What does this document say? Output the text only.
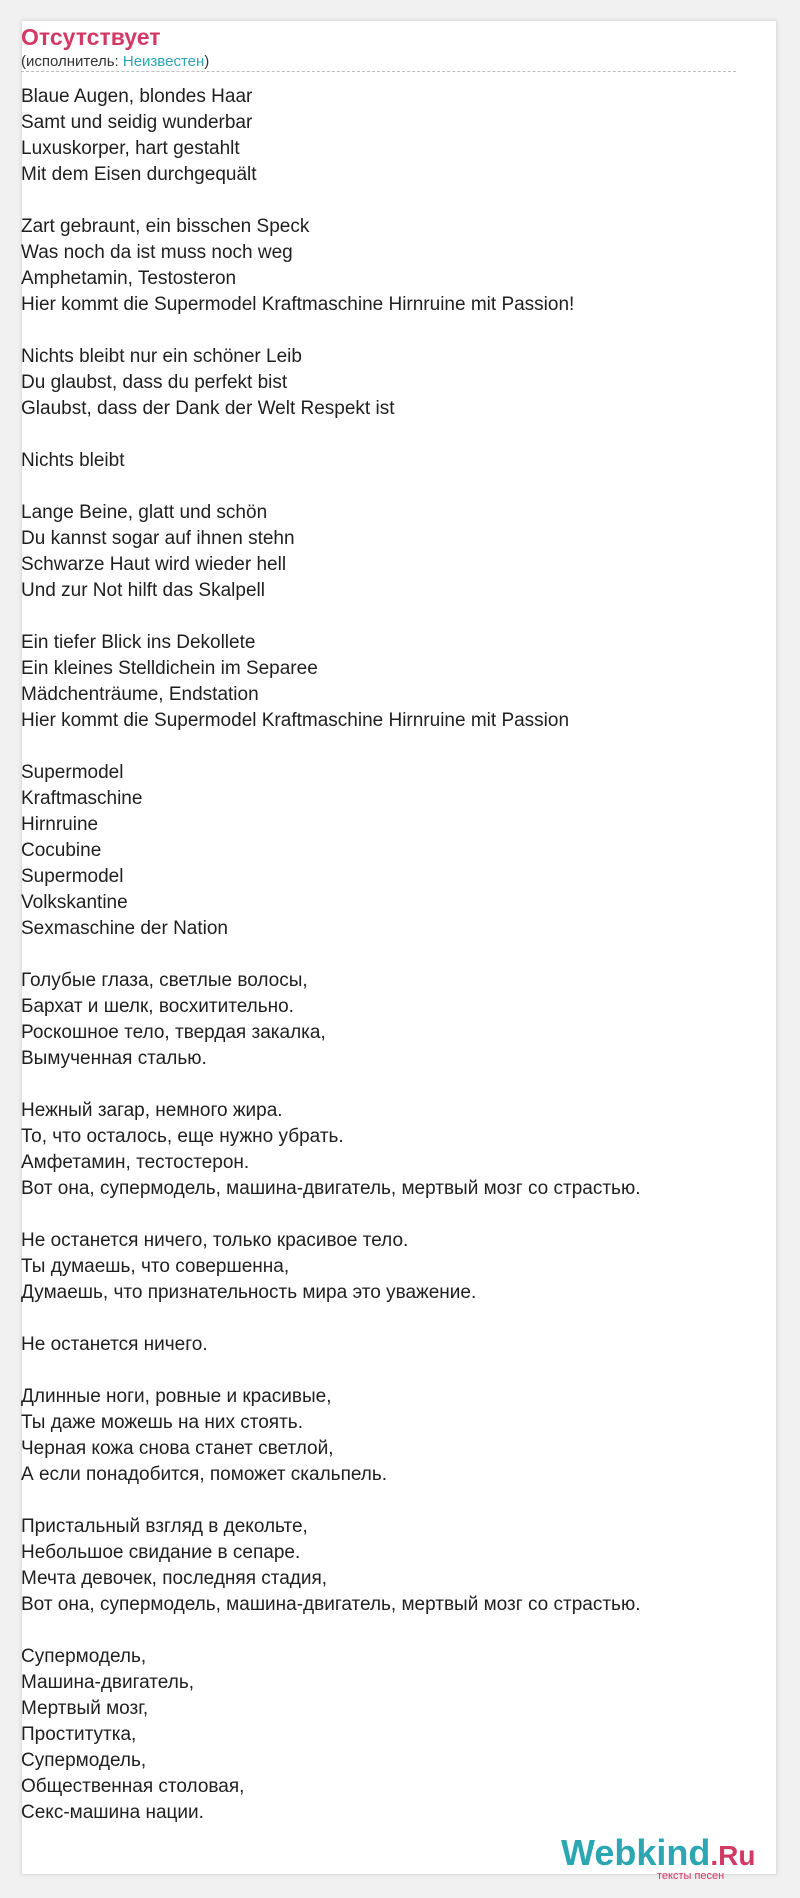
Отсутствует
(исполнитель: Неизвестен)
Blaue Augen, blondes Haar
Samt und seidig wunderbar
Luxuskorper, hart gestahlt
Mit dem Eisen durchgequält
Zart gebraunt, ein bisschen Speck
Was noch da ist muss noch weg
Amphetamin, Testosteron
Hier kommt die Supermodel Kraftmaschine Hirnruine mit Passion!
Nichts bleibt nur ein schöner Leib
Du glaubst, dass du perfekt bist
Glaubst, dass der Dank der Welt Respekt ist
Nichts bleibt
Lange Beine, glatt und schön
Du kannst sogar auf ihnen stehn
Schwarze Haut wird wieder hell
Und zur Not hilft das Skalpell
Ein tiefer Blick ins Dekollete
Ein kleines Stelldichein im Separee
Mädchenträume, Endstation
Hier kommt die Supermodel Kraftmaschine Hirnruine mit Passion
Supermodel
Kraftmaschine
Hirnruine
Cocubine
Supermodel
Volkskantine
Sexmaschine der Nation
Голубые глаза, светлые волосы,
Бархат и шелк, восхитительно.
Роскошное тело, твердая закалка,
Вымученная сталью.
Нежный загар, немного жира.
То, что осталось, еще нужно убрать.
Амфетамин, тестостерон.
Вот она, супермодель, машина-двигатель, мертвый мозг со страстью.
Не останется ничего, только красивое тело.
Ты думаешь, что совершенна,
Думаешь, что признательность мира это уважение.
Не останется ничего.
Длинные ноги, ровные и красивые,
Ты даже можешь на них стоять.
Черная кожа снова станет светлой,
А если понадобится, поможет скальпель.
Пристальный взгляд в декольте,
Небольшое свидание в сепаре.
Мечта девочек, последняя стадия,
Вот она, супермодель, машина-двигатель, мертвый мозг со страстью.
Супермодель,
Машина-двигатель,
Мертвый мозг,
Проститутка,
Супермодель,
Общественная столовая,
Секс-машина нации.
Webkind.Ru
тексты песен
